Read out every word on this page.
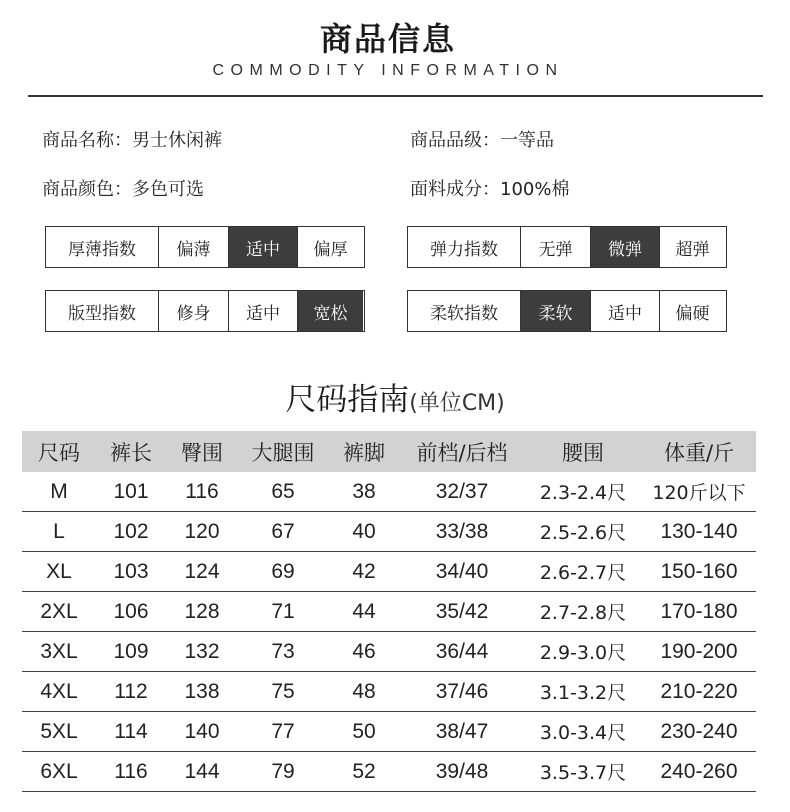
商品信息
COMMODITY INFORMATION
商品名称：男士休闲裤	商品品级：一等品
商品颜色：多色可选	面料成分：100%棉
厚薄指数	偏薄	适中	偏厚	弹力指数	无弹	微弹	超弹
版型指数	修身	适中	宽松	柔软指数	柔软	适中	偏硬
尺码指南(单位CM)
尺码	裤长	臀围	大腿围	裤脚	前档/后档	腰围	体重/斤
M	101	116	65	38	32/37	2.3-2.4尺	120斤以下
L	102	120	67	40	33/38	2.5-2.6尺	130-140
XL	103	124	69	42	34/40	2.6-2.7尺	150-160
2XL	106	128	71	44	35/42	2.7-2.8尺	170-180
3XL	109	132	73	46	36/44	2.9-3.0尺	190-200
4XL	112	138	75	48	37/46	3.1-3.2尺	210-220
5XL	114	140	77	50	38/47	3.0-3.4尺	230-240
6XL	116	144	79	52	39/48	3.5-3.7尺	240-260
